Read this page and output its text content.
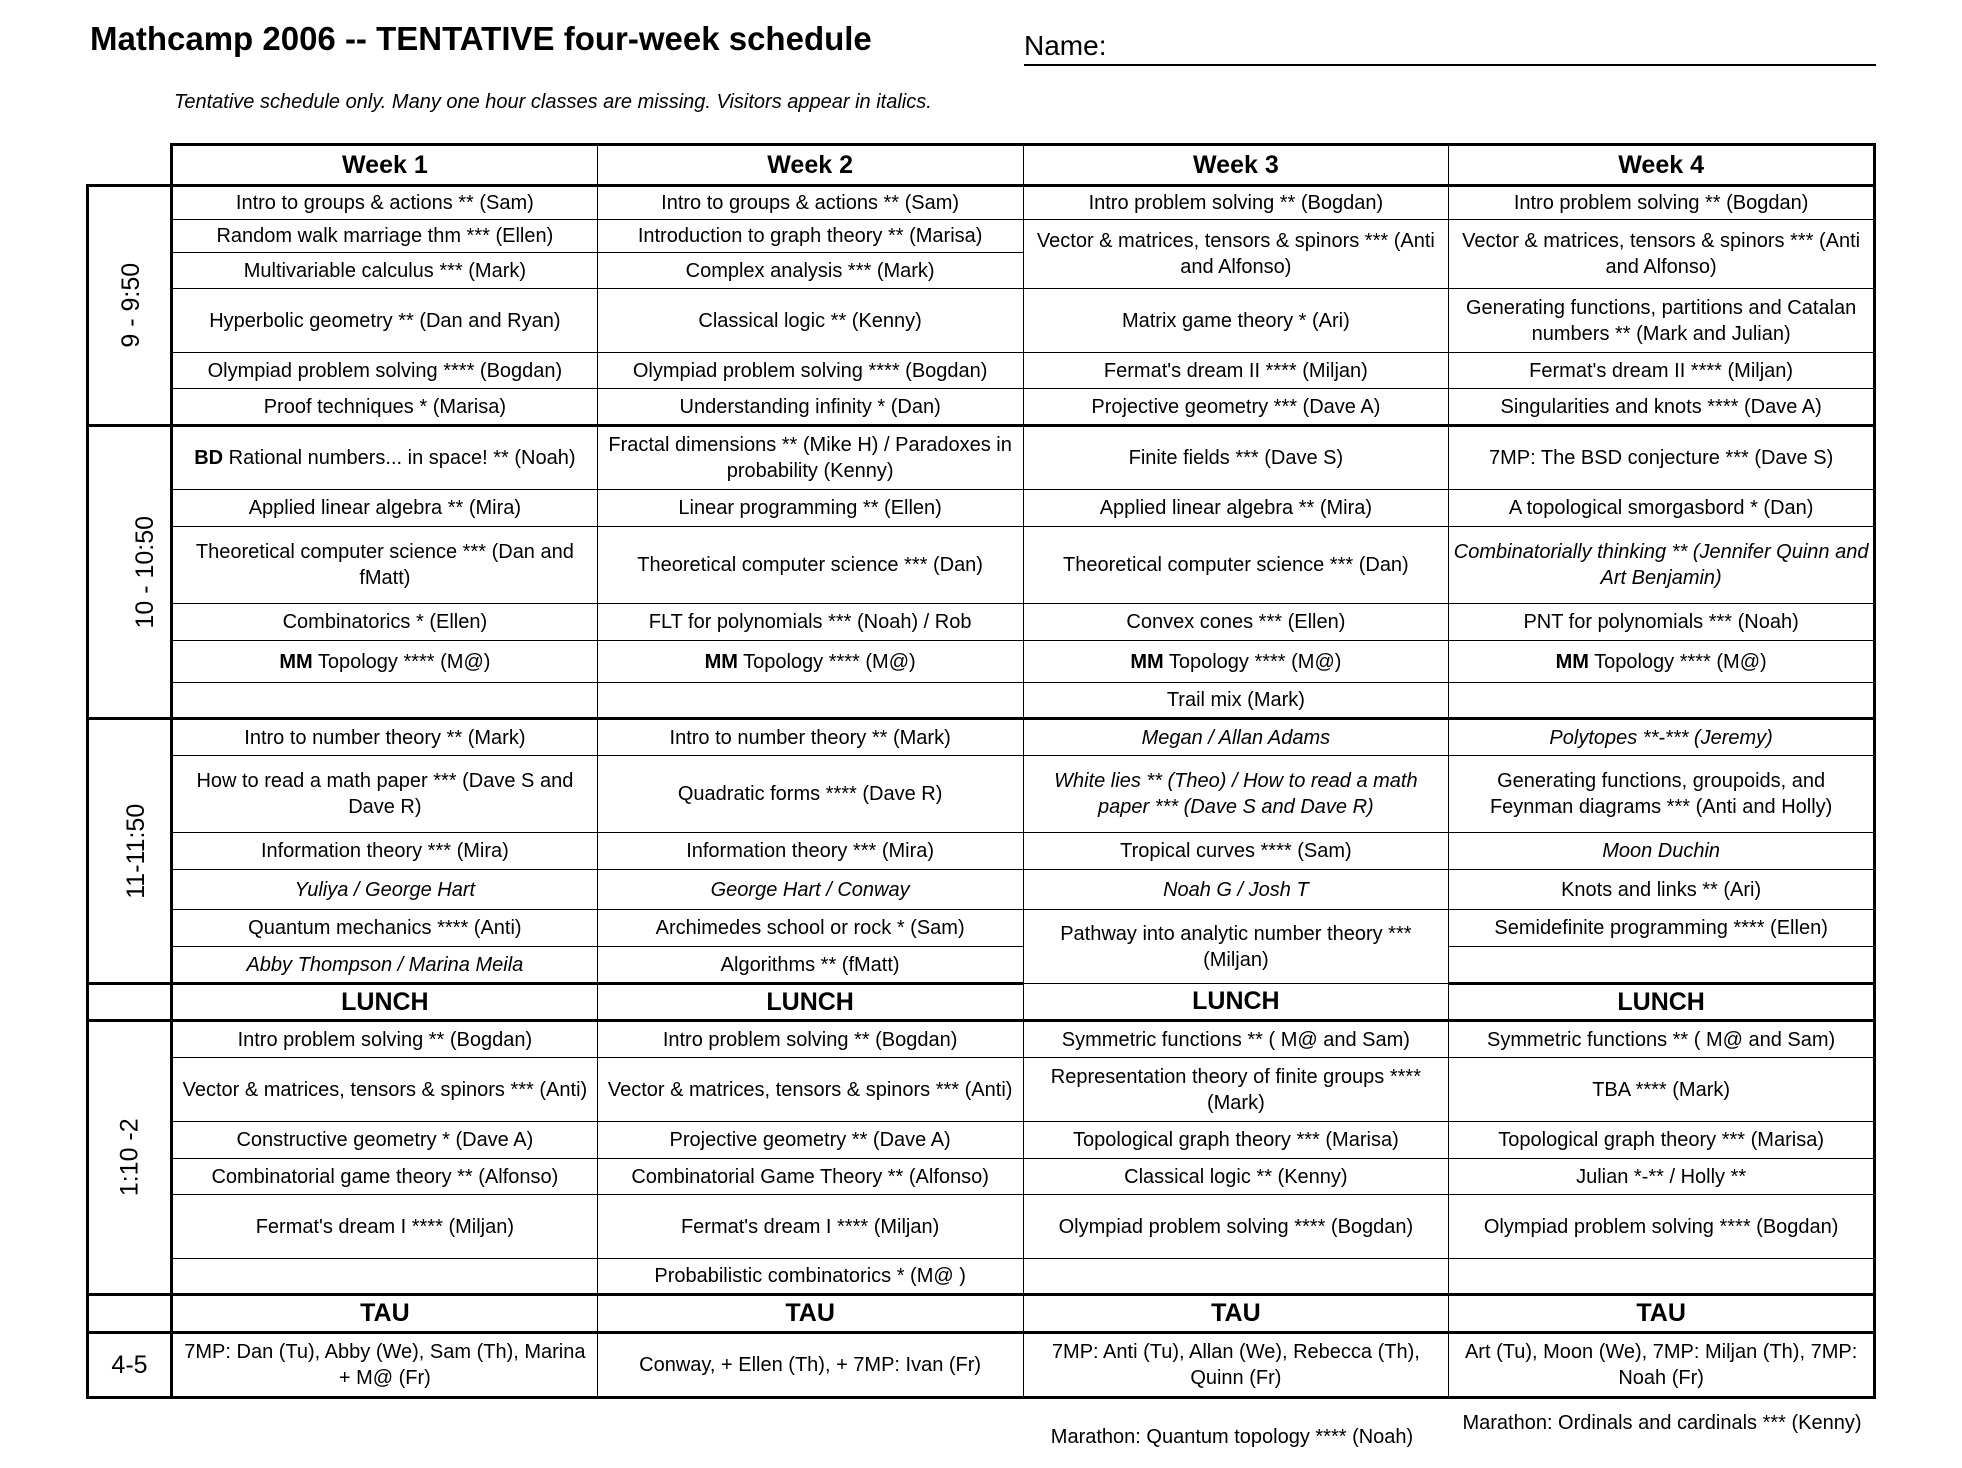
Mathcamp 2006 -- TENTATIVE four-week schedule	Name:
Tentative schedule only. Many one hour classes are missing. Visitors appear in italics.
	Week 1	Week 2	Week 3	Week 4
9 - 9:50	Intro to groups & actions ** (Sam)	Intro to groups & actions ** (Sam)	Intro problem solving ** (Bogdan)	Intro problem solving ** (Bogdan)
	Random walk marriage thm *** (Ellen)	Introduction to graph theory ** (Marisa)	Vector & matrices, tensors & spinors *** (Anti and Alfonso)	Vector & matrices, tensors & spinors *** (Anti and Alfonso)
	Multivariable calculus *** (Mark)	Complex analysis *** (Mark)		
	Hyperbolic geometry ** (Dan and Ryan)	Classical logic ** (Kenny)	Matrix game theory * (Ari)	Generating functions, partitions and Catalan numbers ** (Mark and Julian)
	Olympiad problem solving **** (Bogdan)	Olympiad problem solving **** (Bogdan)	Fermat's dream II **** (Miljan)	Fermat's dream II **** (Miljan)
	Proof techniques * (Marisa)	Understanding infinity * (Dan)	Projective geometry *** (Dave A)	Singularities and knots **** (Dave A)
10 - 10:50	BD Rational numbers... in space! ** (Noah)	Fractal dimensions ** (Mike H) / Paradoxes in probability (Kenny)	Finite fields *** (Dave S)	7MP: The BSD conjecture *** (Dave S)
	Applied linear algebra ** (Mira)	Linear programming ** (Ellen)	Applied linear algebra ** (Mira)	A topological smorgasbord * (Dan)
	Theoretical computer science *** (Dan and fMatt)	Theoretical computer science *** (Dan)	Theoretical computer science *** (Dan)	Combinatorially thinking ** (Jennifer Quinn and Art Benjamin)
	Combinatorics * (Ellen)	FLT for polynomials *** (Noah) / Rob	Convex cones *** (Ellen)	PNT for polynomials *** (Noah)
	MM Topology **** (M@)	MM Topology **** (M@)	MM Topology **** (M@)	MM Topology **** (M@)
			Trail mix (Mark)	
11-11:50	Intro to number theory ** (Mark)	Intro to number theory ** (Mark)	Megan / Allan Adams	Polytopes **-*** (Jeremy)
	How to read a math paper *** (Dave S and Dave R)	Quadratic forms **** (Dave R)	White lies ** (Theo) / How to read a math paper *** (Dave S and Dave R)	Generating functions, groupoids, and Feynman diagrams *** (Anti and Holly)
	Information theory *** (Mira)	Information theory *** (Mira)	Tropical curves **** (Sam)	Moon Duchin
	Yuliya / George Hart	George Hart / Conway	Noah G / Josh T	Knots and links ** (Ari)
	Quantum mechanics **** (Anti)	Archimedes school or rock * (Sam)	Pathway into analytic number theory *** (Miljan)	Semidefinite programming **** (Ellen)
	Abby Thompson / Marina Meila	Algorithms ** (fMatt)		
	LUNCH	LUNCH	LUNCH	LUNCH
1:10 -2	Intro problem solving ** (Bogdan)	Intro problem solving ** (Bogdan)	Symmetric functions ** ( M@ and Sam)	Symmetric functions ** ( M@ and Sam)
	Vector & matrices, tensors & spinors *** (Anti)	Vector & matrices, tensors & spinors *** (Anti)	Representation theory of finite groups **** (Mark)	TBA **** (Mark)
	Constructive geometry * (Dave A)	Projective geometry ** (Dave A)	Topological graph theory *** (Marisa)	Topological graph theory *** (Marisa)
	Combinatorial game theory ** (Alfonso)	Combinatorial Game Theory ** (Alfonso)	Classical logic ** (Kenny)	Julian *-** / Holly **
	Fermat's dream I **** (Miljan)	Fermat's dream I **** (Miljan)	Olympiad problem solving **** (Bogdan)	Olympiad problem solving **** (Bogdan)
		Probabilistic combinatorics * (M@ )		
	TAU	TAU	TAU	TAU
4-5	7MP: Dan (Tu), Abby (We), Sam (Th), Marina + M@ (Fr)	Conway, + Ellen (Th), + 7MP: Ivan (Fr)	7MP: Anti (Tu), Allan (We), Rebecca (Th), Quinn (Fr)	Art (Tu), Moon (We), 7MP: Miljan (Th), 7MP: Noah (Fr)
Marathon: Quantum topology **** (Noah)
Marathon: Ordinals and cardinals *** (Kenny)
